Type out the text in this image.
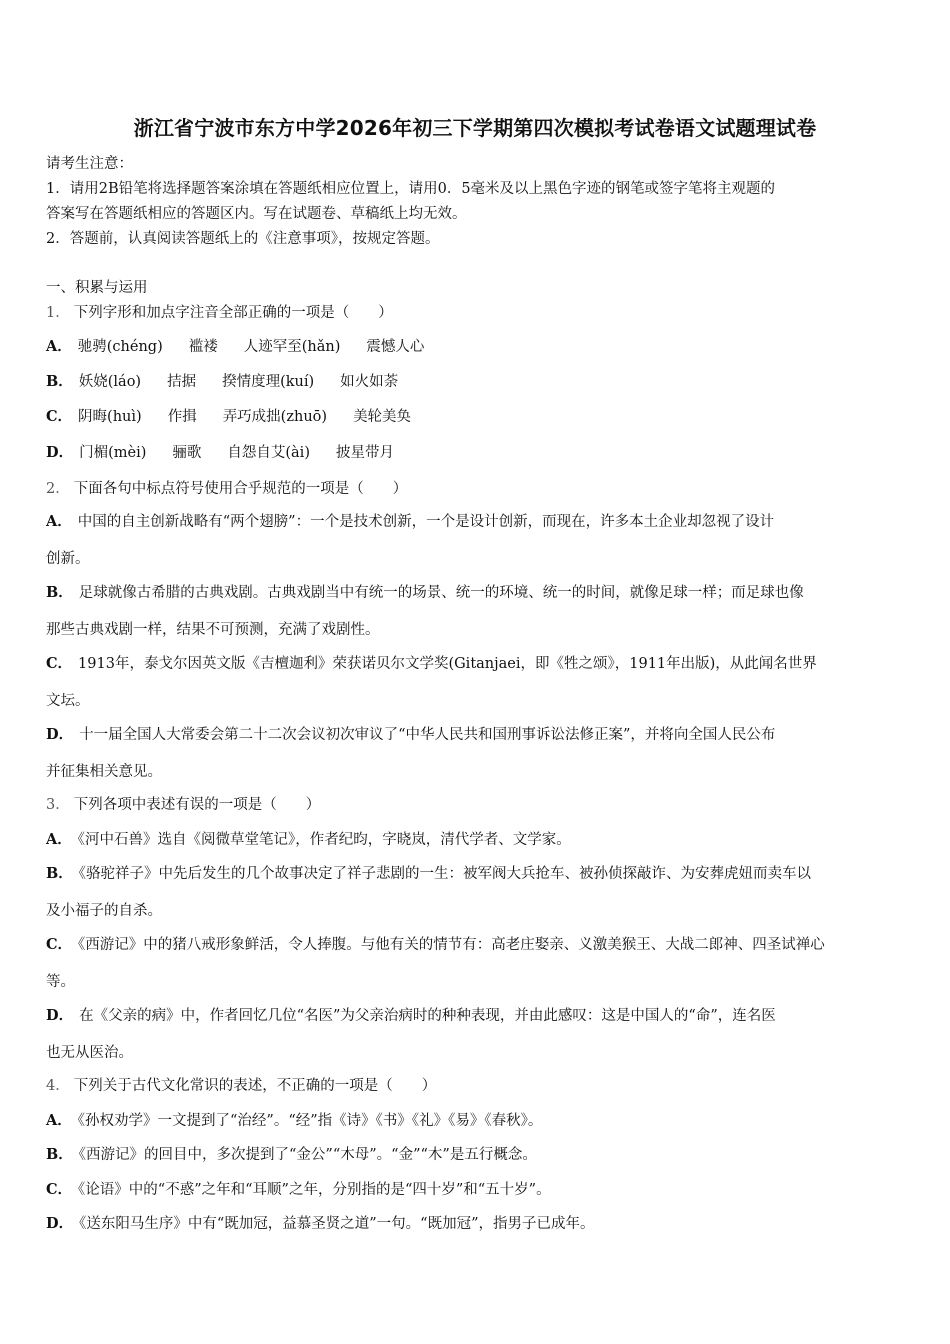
浙江省宁波市东方中学2026年初三下学期第四次模拟考试卷语文试题理试卷
请考生注意：
1．请用2B铅笔将选择题答案涂填在答题纸相应位置上，请用0．5毫米及以上黑色字迹的钢笔或签字笔将主观题的
答案写在答题纸相应的答题区内。写在试题卷、草稿纸上均无效。
2．答题前，认真阅读答题纸上的《注意事项》，按规定答题。
一、积累与运用
1． 下列字形和加点字注音全部正确的一项是（　　）
A． 驰骋(chéng) 褴褛 人迹罕至(hǎn) 震憾人心
B． 妖娆(láo) 拮据 揆情度理(kuí) 如火如荼
C． 阴晦(huì) 作揖 弄巧成拙(zhuō) 美轮美奂
D． 门楣(mèi) 骊歌 自怨自艾(ài) 披星带月
2． 下面各句中标点符号使用合乎规范的一项是（　　）
A． 中国的自主创新战略有“两个翅膀”：一个是技术创新，一个是设计创新，而现在，许多本土企业却忽视了设计
创新。
B． 足球就像古希腊的古典戏剧。古典戏剧当中有统一的场景、统一的环境、统一的时间，就像足球一样；而足球也像
那些古典戏剧一样，结果不可预测，充满了戏剧性。
C． 1913年，泰戈尔因英文版《吉檀迦利》荣获诺贝尔文学奖(Gitanjaei，即《牲之颂》，1911年出版)，从此闻名世界
文坛。
D． 十一届全国人大常委会第二十二次会议初次审议了“中华人民共和国刑事诉讼法修正案”，并将向全国人民公布
并征集相关意见。
3． 下列各项中表述有误的一项是（　　）
A． 《河中石兽》选自《阅微草堂笔记》，作者纪昀，字晓岚，清代学者、文学家。
B． 《骆驼祥子》中先后发生的几个故事决定了祥子悲剧的一生：被军阀大兵抢车、被孙侦探敲诈、为安葬虎妞而卖车以
及小福子的自杀。
C． 《西游记》中的猪八戒形象鲜活，令人捧腹。与他有关的情节有：高老庄娶亲、义激美猴王、大战二郎神、四圣试禅心
等。
D． 在《父亲的病》中，作者回忆几位“名医”为父亲治病时的种种表现，并由此感叹：这是中国人的“命”，连名医
也无从医治。
4． 下列关于古代文化常识的表述，不正确的一项是（　　）
A． 《孙权劝学》一文提到了“治经”。“经”指《诗》《书》《礼》《易》《春秋》。
B． 《西游记》的回目中，多次提到了“金公”“木母”。“金”“木”是五行概念。
C． 《论语》中的“不惑”之年和“耳顺”之年，分别指的是“四十岁”和“五十岁”。
D． 《送东阳马生序》中有“既加冠，益慕圣贤之道”一句。“既加冠”，指男子已成年。
